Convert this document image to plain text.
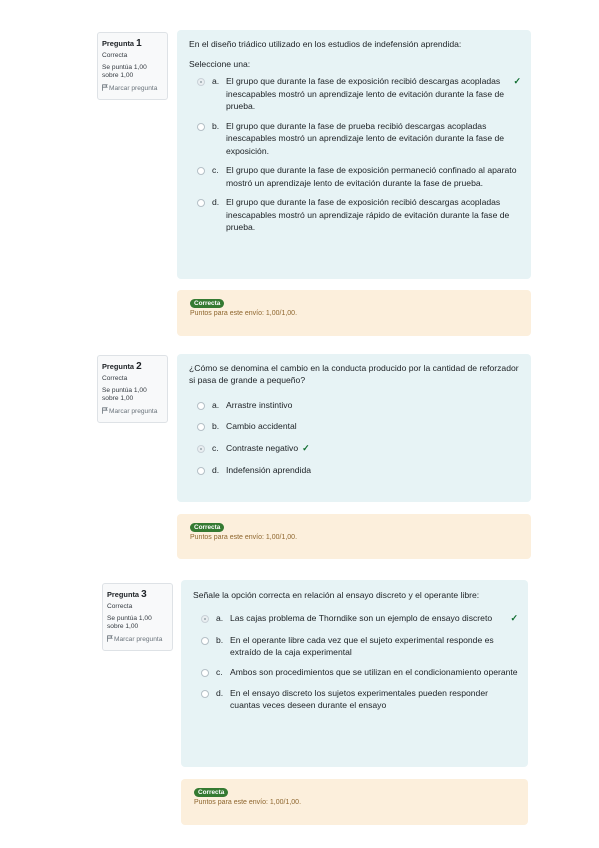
Pregunta 1
Correcta
Se puntúa 1,00 sobre 1,00
Marcar pregunta
En el diseño triádico utilizado en los estudios de indefensión aprendida:
Seleccione una:
a. El grupo que durante la fase de exposición recibió descargas acopladas inescapables mostró un aprendizaje lento de evitación durante la fase de prueba.
✓
b. El grupo que durante la fase de prueba recibió descargas acopladas inescapables mostró un aprendizaje lento de evitación durante la fase de exposición.
c. El grupo que durante la fase de exposición permaneció confinado al aparato mostró un aprendizaje lento de evitación durante la fase de prueba.
d. El grupo que durante la fase de exposición recibió descargas acopladas inescapables mostró un aprendizaje rápido de evitación durante la fase de prueba.
Correcta
Puntos para este envío: 1,00/1,00.
Pregunta 2
Correcta
Se puntúa 1,00 sobre 1,00
Marcar pregunta
¿Cómo se denomina el cambio en la conducta producido por la cantidad de reforzador si pasa de grande a pequeño?
a. Arrastre instintivo
b. Cambio accidental
c. Contraste negativo ✓
d. Indefensión aprendida
Correcta
Puntos para este envío: 1,00/1,00.
Pregunta 3
Correcta
Se puntúa 1,00 sobre 1,00
Marcar pregunta
Señale la opción correcta en relación al ensayo discreto y el operante libre:
a. Las cajas problema de Thorndike son un ejemplo de ensayo discreto	✓
b. En el operante libre cada vez que el sujeto experimental responde es extraído de la caja experimental
c. Ambos son procedimientos que se utilizan en el condicionamiento operante
d. En el ensayo discreto los sujetos experimentales pueden responder cuantas veces deseen durante el ensayo
Correcta
Puntos para este envío: 1,00/1,00.
